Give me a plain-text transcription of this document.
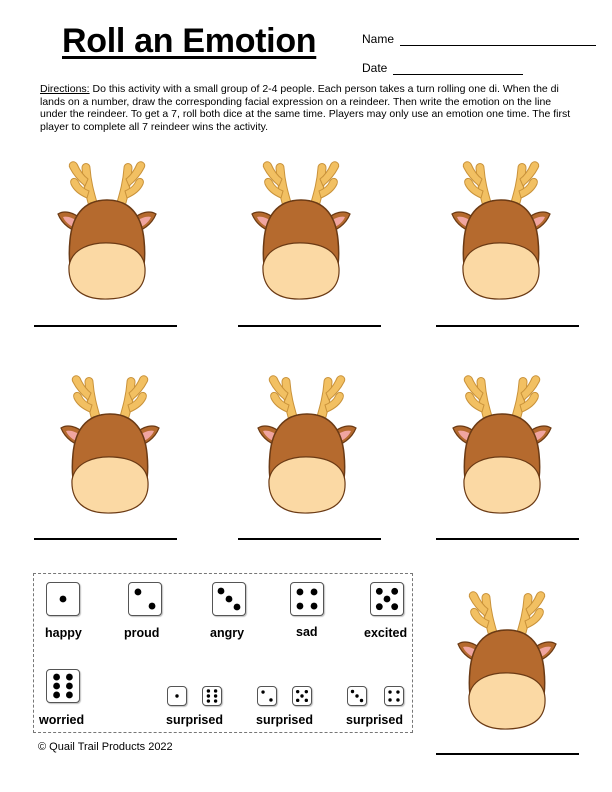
Roll an Emotion	Name
Date
Directions: Do this activity with a small group of 2-4 people. Each person takes a turn rolling one di. When the di lands on a number, draw the corresponding facial expression on a reindeer. Then write the emotion on the line under the reindeer. To get a 7, roll both dice at the same time. Players may only use an emotion one time. The first player to complete all 7 reindeer wins the activity.
happy	proud	angry	sad	excited
worried	surprised	surprised	surprised
© Quail Trail Products 2022
